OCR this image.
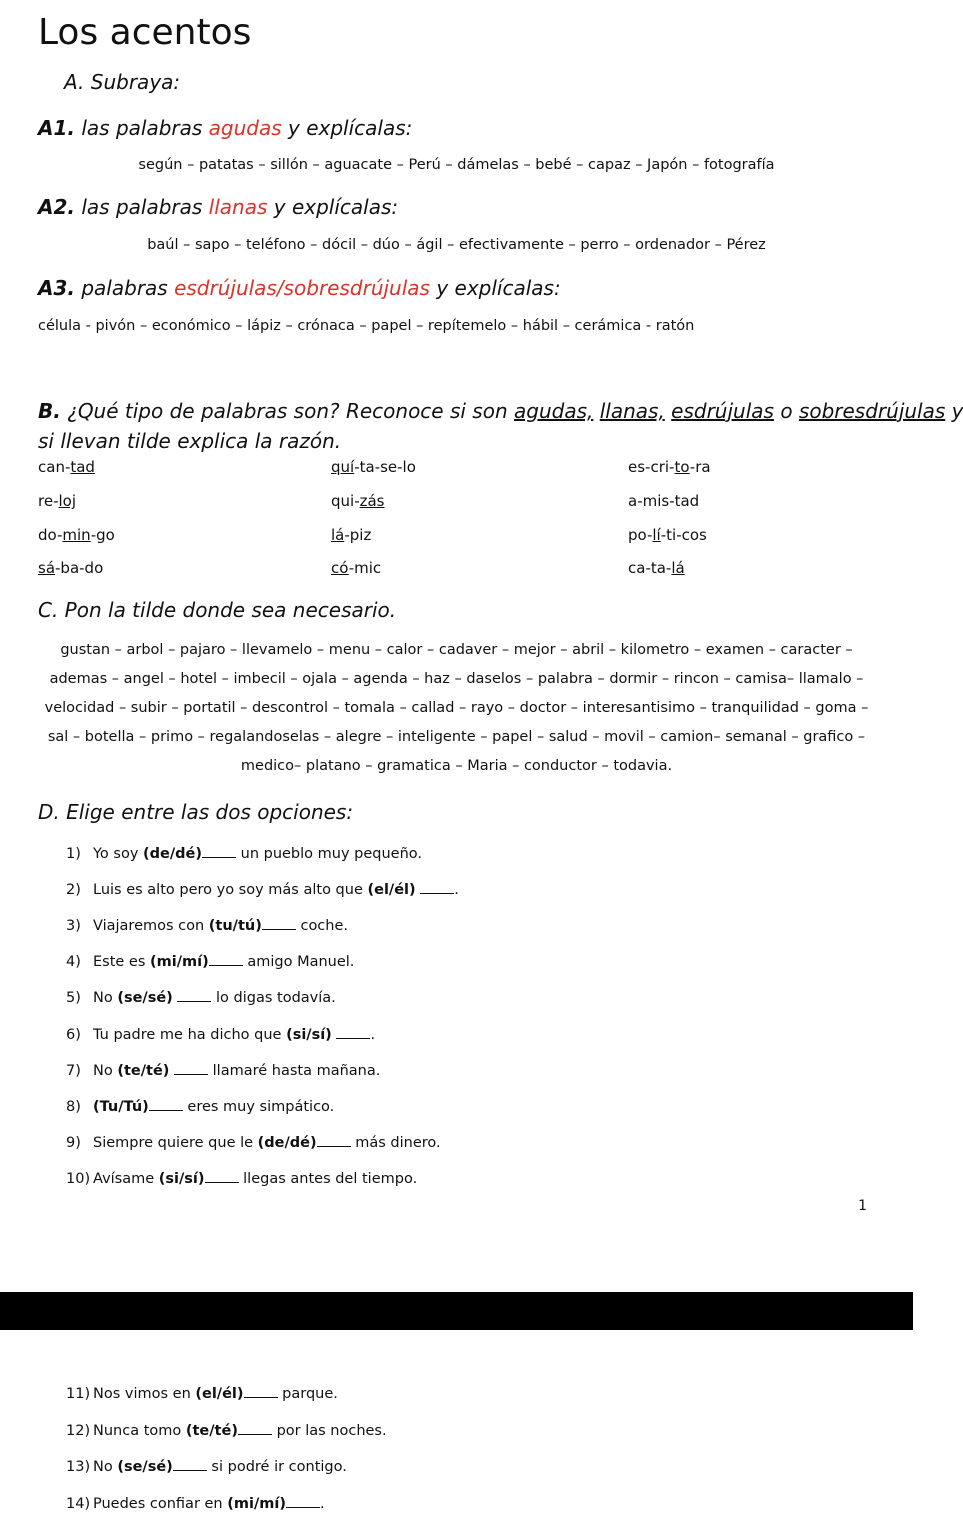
Los acentos
A. Subraya:
A1. las palabras agudas y explícalas:
según – patatas – sillón – aguacate – Perú – dámelas – bebé – capaz – Japón – fotografía
A2. las palabras llanas y explícalas:
baúl – sapo – teléfono – dócil – dúo – ágil – efectivamente – perro – ordenador – Pérez
A3. palabras esdrújulas/sobresdrújulas y explícalas:
célula - pivón – económico – lápiz – crónaca – papel – repítemelo – hábil – cerámica - ratón
B. ¿Qué tipo de palabras son? Reconoce si son agudas, llanas, esdrújulas o sobresdrújulas y
si llevan tilde explica la razón.
can-tad	quí-ta-se-lo	es-cri-to-ra
re-loj	qui-zás	a-mis-tad
do-min-go	lá-piz	po-lí-ti-cos
sá-ba-do	có-mic	ca-ta-lá
C. Pon la tilde donde sea necesario.
gustan – arbol – pajaro – llevamelo – menu – calor – cadaver – mejor – abril – kilometro – examen – caracter –
ademas – angel – hotel – imbecil – ojala – agenda – haz – daselos – palabra – dormir – rincon – camisa– llamalo –
velocidad – subir – portatil – descontrol – tomala – callad – rayo – doctor – interesantisimo – tranquilidad – goma –
sal – botella – primo – regalandoselas – alegre – inteligente – papel – salud – movil – camion– semanal – grafico –
medico– platano – gramatica – Maria – conductor – todavia.
D. Elige entre las dos opciones:
1) Yo soy (de/dé)	un pueblo muy pequeño.
2) Luis es alto pero yo soy más alto que (el/él)	.
3) Viajaremos con (tu/tú)	coche.
4) Este es (mi/mí)	amigo Manuel.
5) No (se/sé)	lo digas todavía.
6) Tu padre me ha dicho que (si/sí)	.
7) No (te/té)	llamaré hasta mañana.
8) (Tu/Tú)	eres muy simpático.
9) Siempre quiere que le (de/dé)	más dinero.
10) Avísame (si/sí)	llegas antes del tiempo.
1
11) Nos vimos en (el/él)	parque.
12) Nunca tomo (te/té)	por las noches.
13) No (se/sé)	si podré ir contigo.
14) Puedes confiar en (mi/mí) .
